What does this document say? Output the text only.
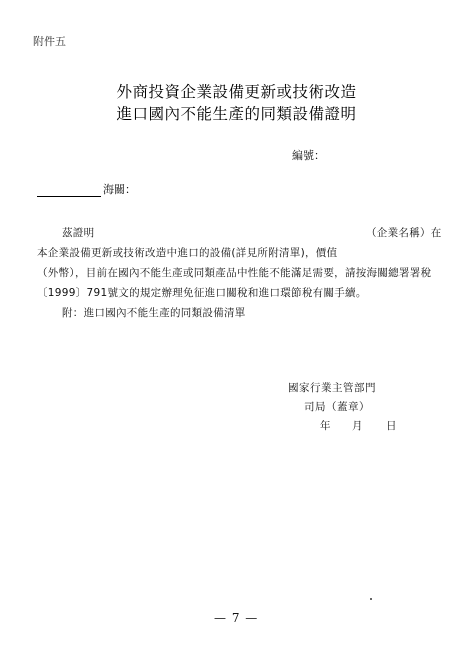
附件五
外商投資企業設備更新或技術改造
進口國內不能生產的同類設備證明
編號：
海關：
茲證明	（企業名稱）在
本企業設備更新或技術改造中進口的設備(詳見所附清單)，價值
（外幣），目前在國內不能生產或同類產品中性能不能滿足需要，請按海關總署署稅
〔1999〕791號文的規定辦理免征進口關稅和進口環節稅有關手續。
附：進口國內不能生產的同類設備清單
國家行業主管部門
司局（蓋章）
年	月	日
— 7 —
